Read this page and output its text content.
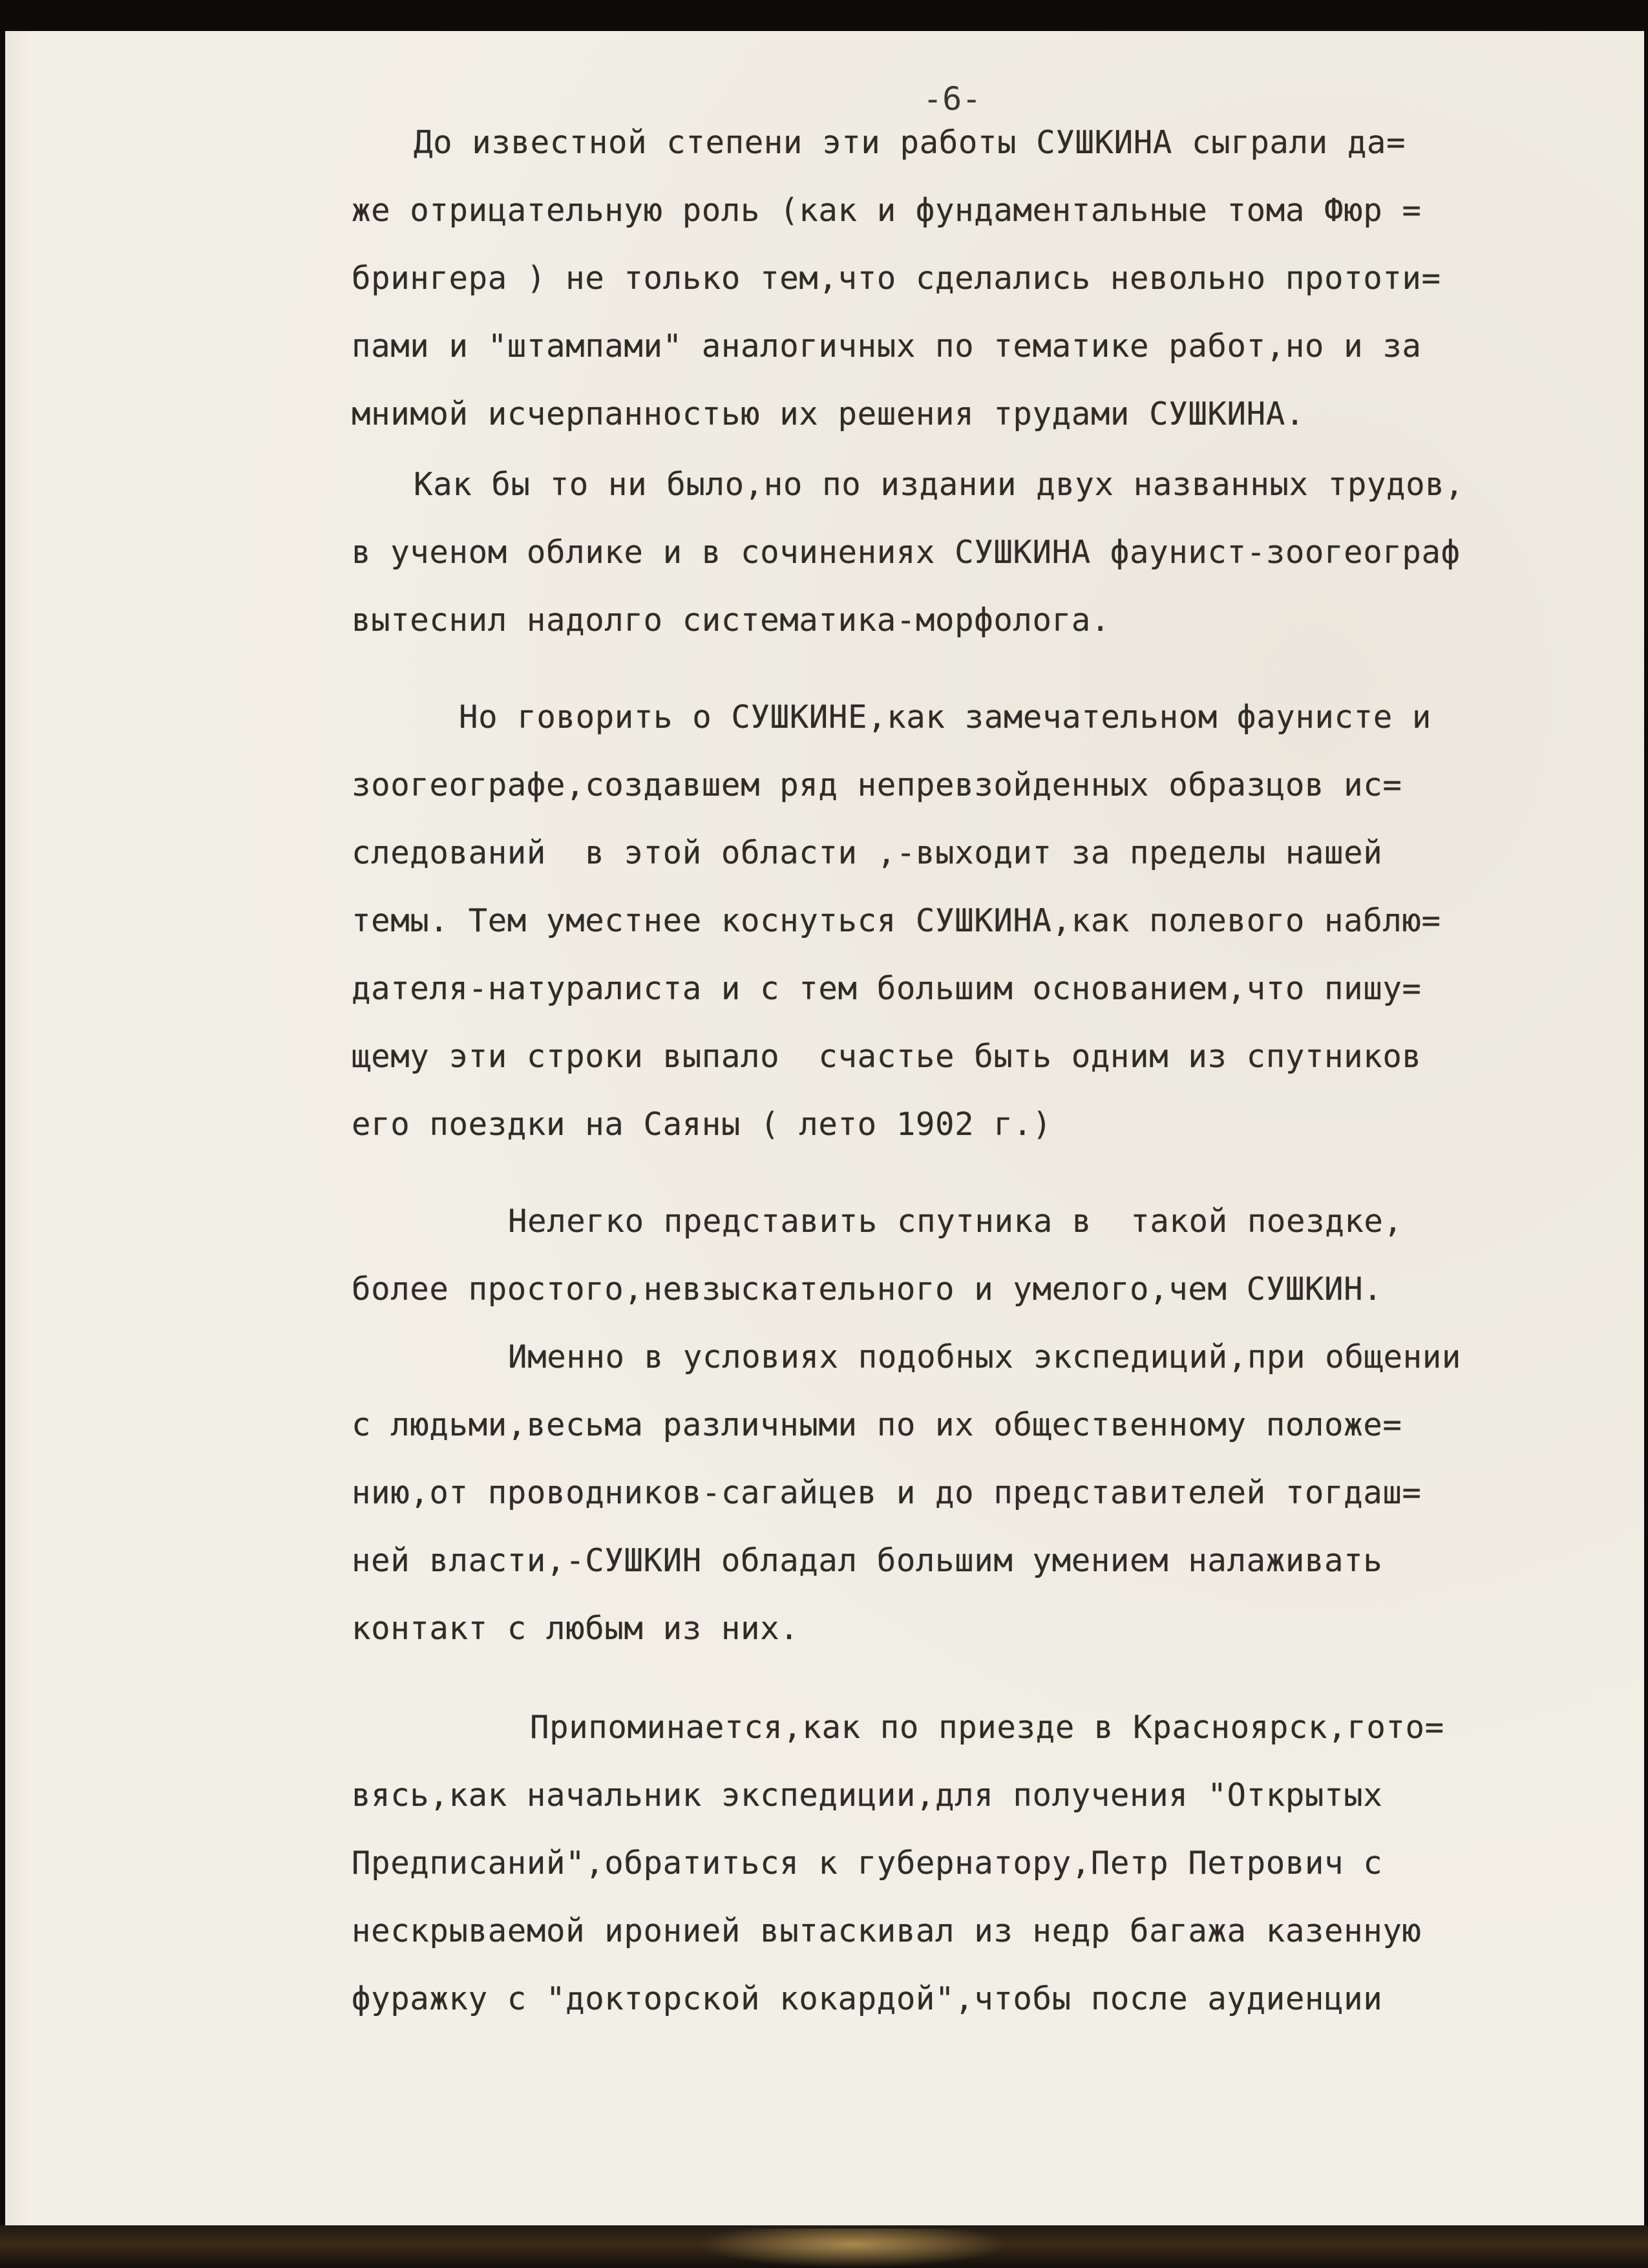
-6-
До известной степени эти работы СУШКИНА сыграли да=
же отрицательную роль (как и фундаментальные тома Фюр =
брингера ) не только тем,что сделались невольно прототи=
пами и "штампами" аналогичных по тематике работ,но и за
мнимой исчерпанностью их решения трудами СУШКИНА.
Как бы то ни было,но по издании двух названных трудов,
в ученом облике и в сочинениях СУШКИНА фаунист-зоогеограф
вытеснил надолго систематика-морфолога.
Но говорить о СУШКИНЕ,как замечательном фаунисте и
зоогеографе,создавшем ряд непревзойденных образцов ис=
следований  в этой области ,-выходит за пределы нашей
темы. Тем уместнее коснуться СУШКИНА,как полевого наблю=
дателя-натуралиста и с тем большим основанием,что пишу=
щему эти строки выпало  счастье быть одним из спутников
его поездки на Саяны ( лето 1902 г.)
Нелегко представить спутника в  такой поездке,
более простого,невзыскательного и умелого,чем СУШКИН.
Именно в условиях подобных экспедиций,при общении
с людьми,весьма различными по их общественному положе=
нию,от проводников-сагайцев и до представителей тогдаш=
ней власти,-СУШКИН обладал большим умением налаживать
контакт с любым из них.
Припоминается,как по приезде в Красноярск,гото=
вясь,как начальник экспедиции,для получения "Открытых
Предписаний",обратиться к губернатору,Петр Петрович с
нескрываемой иронией вытаскивал из недр багажа казенную
фуражку с "докторской кокардой",чтобы после аудиенции
